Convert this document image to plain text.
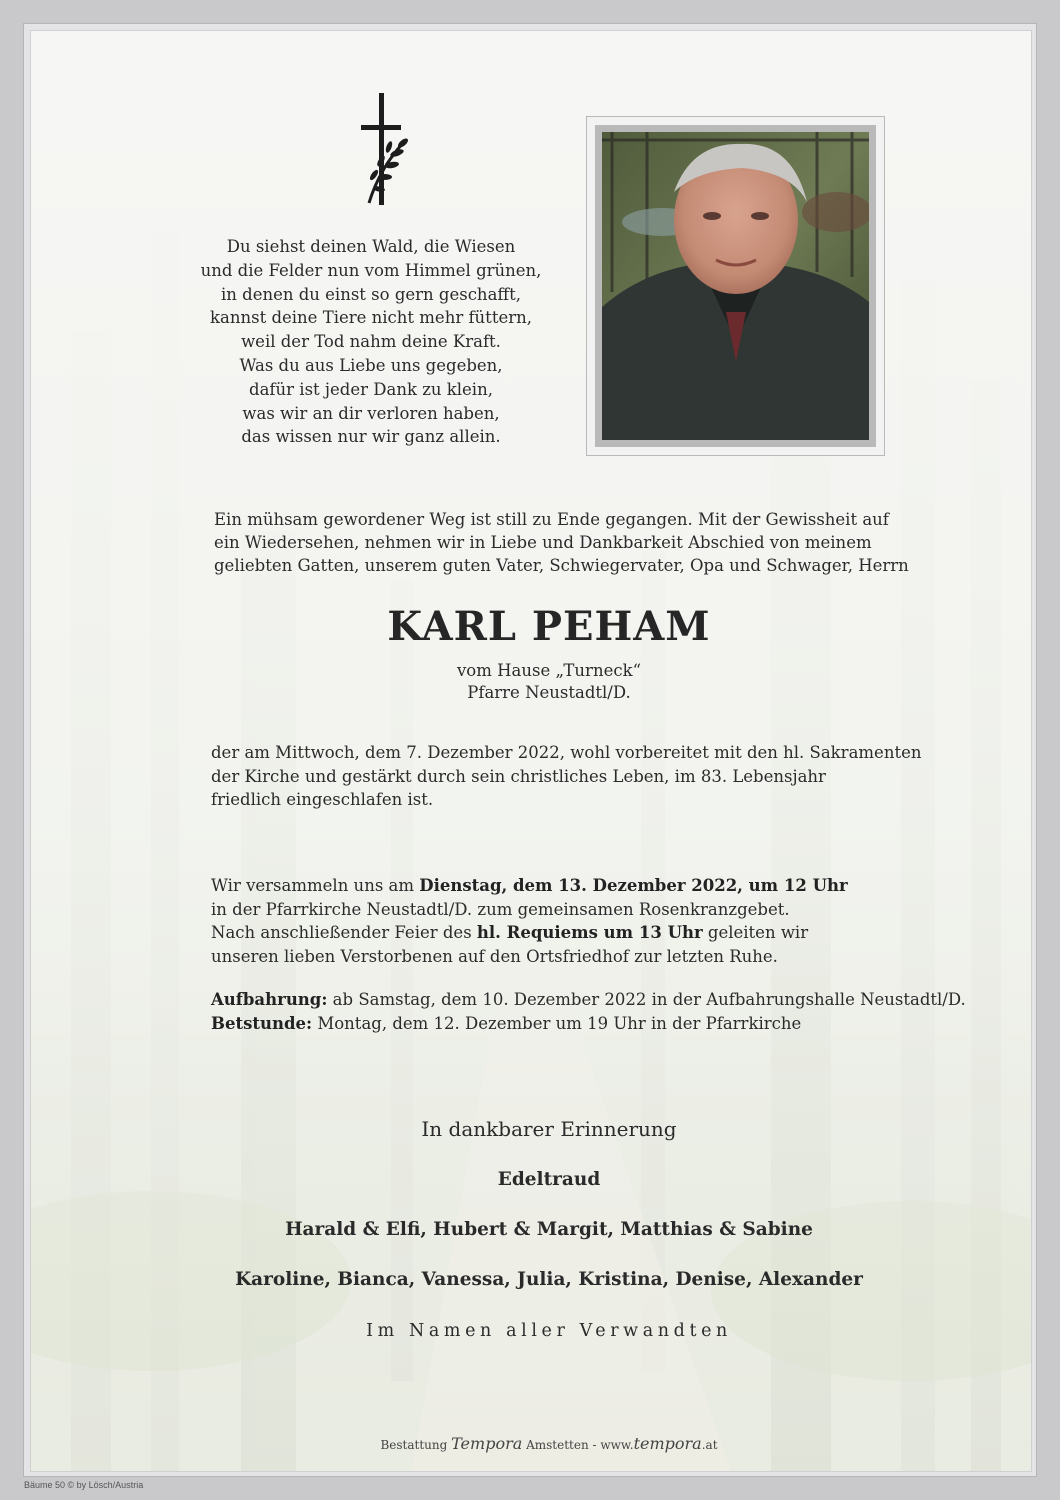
Du siehst deinen Wald, die Wiesen
und die Felder nun vom Himmel grünen,
in denen du einst so gern geschafft,
kannst deine Tiere nicht mehr füttern,
weil der Tod nahm deine Kraft.
Was du aus Liebe uns gegeben,
dafür ist jeder Dank zu klein,
was wir an dir verloren haben,
das wissen nur wir ganz allein.
Ein mühsam gewordener Weg ist still zu Ende gegangen. Mit der Gewissheit auf
ein Wiedersehen, nehmen wir in Liebe und Dankbarkeit Abschied von meinem
geliebten Gatten, unserem guten Vater, Schwiegervater, Opa und Schwager, Herrn
KARL PEHAM
vom Hause „Turneck“
Pfarre Neustadtl/D.
der am Mittwoch, dem 7. Dezember 2022, wohl vorbereitet mit den hl. Sakramenten
der Kirche und gestärkt durch sein christliches Leben, im 83. Lebensjahr
friedlich eingeschlafen ist.
Wir versammeln uns am Dienstag, dem 13. Dezember 2022, um 12 Uhr
in der Pfarrkirche Neustadtl/D. zum gemeinsamen Rosenkranzgebet.
Nach anschließender Feier des hl. Requiems um 13 Uhr geleiten wir
unseren lieben Verstorbenen auf den Ortsfriedhof zur letzten Ruhe.
Aufbahrung: ab Samstag, dem 10. Dezember 2022 in der Aufbahrungshalle Neustadtl/D.
Betstunde: Montag, dem 12. Dezember um 19 Uhr in der Pfarrkirche
In dankbarer Erinnerung
Edeltraud
Harald & Elfi, Hubert & Margit, Matthias & Sabine
Karoline, Bianca, Vanessa, Julia, Kristina, Denise, Alexander
Im Namen aller Verwandten
Bestattung Tempora Amstetten - www.tempora.at
Bäume 50 © by Lösch/Austria
